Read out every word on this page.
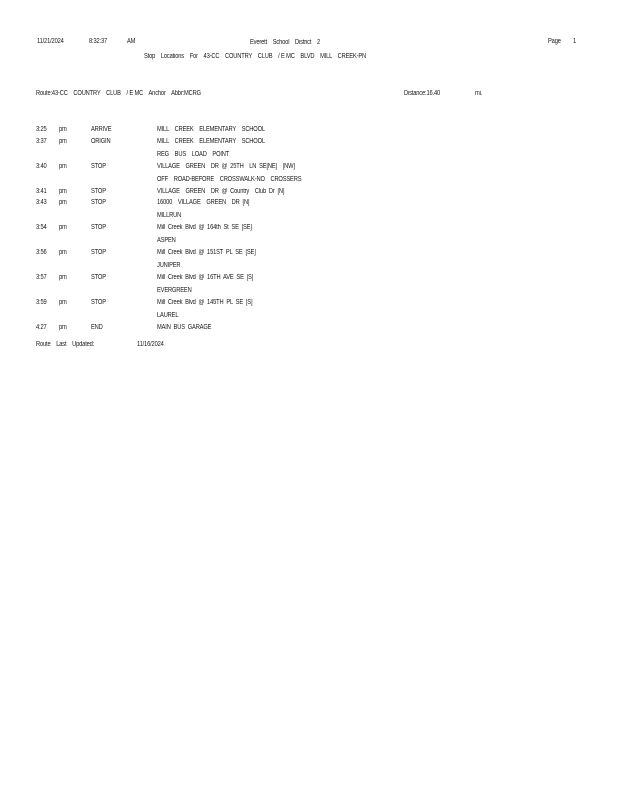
11/21/2024	8:32:37	AM	Everett    School    District    2	Page 1
Stop    Locations    For    43-CC    COUNTRY    CLUB    / E MC    BLVD    MILL    CREEK-PN
Route:43-CC    COUNTRY    CLUB    / E MC    Anchor    Abbr:MCRG	Distance:16.40	mi.
3:25 pm	ARRIVE	MILL    CREEK    ELEMENTARY    SCHOOL
3:37 pm	ORIGIN	MILL    CREEK    ELEMENTARY    SCHOOL
REG    BUS    LOAD    POINT
3:40 pm	STOP	VILLAGE    GREEN    DR  @  25TH    LN  SE[NE]    [NW]
OFF    ROAD-BEFORE    CROSSWALK-NO    CROSSERS
3:41 pm	STOP	VILLAGE    GREEN    DR  @  Country    Club  Dr  [N]
3:43 pm	STOP	16000    VILLAGE    GREEN    DR  [N]
MILLRUN
3:54 pm	STOP	Mill  Creek  Blvd  @  164th  St  SE  [SE]
ASPEN
3:56 pm	STOP	Mill  Creek  Blvd  @  151ST  PL  SE  [SE]
JUNIPER
3:57 pm	STOP	Mill  Creek  Blvd  @  16TH  AVE  SE  [S]
EVERGREEN
3:59 pm	STOP	Mill  Creek  Blvd  @  145TH  PL  SE  [S]
LAUREL
4:27 pm	END	MAIN  BUS  GARAGE
Route    Last    Updated:	11/16/2024
